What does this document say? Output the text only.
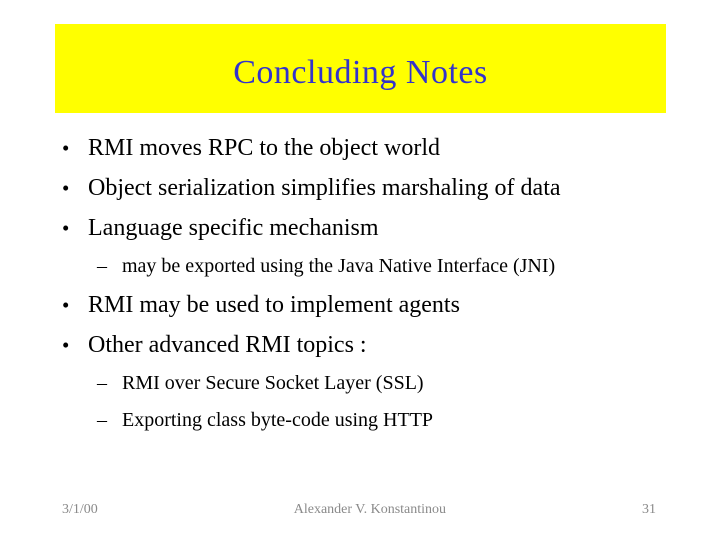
Concluding Notes
• RMI moves RPC to the object world
• Object serialization simplifies marshaling of data
• Language specific mechanism
– may be exported using the Java Native Interface (JNI)
• RMI may be used to implement agents
• Other advanced RMI topics :
– RMI over Secure Socket Layer (SSL)
– Exporting class byte-code using HTTP
3/1/00	Alexander V. Konstantinou	31
